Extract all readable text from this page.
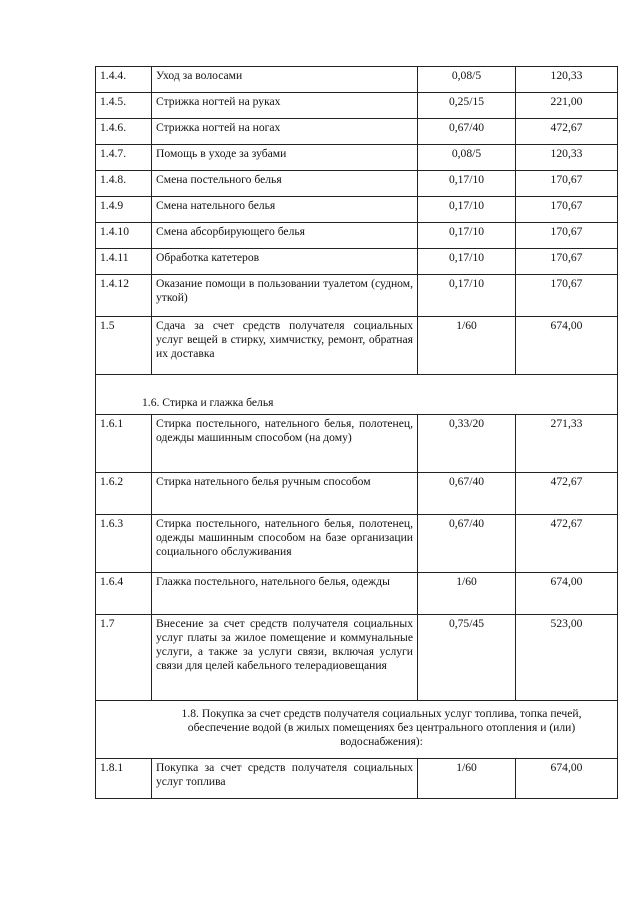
1.4.4.	Уход за волосами	0,08/5	120,33
1.4.5.	Стрижка ногтей на руках	0,25/15	221,00
1.4.6.	Стрижка ногтей на ногах	0,67/40	472,67
1.4.7.	Помощь в уходе за зубами	0,08/5	120,33
1.4.8.	Смена постельного белья	0,17/10	170,67
1.4.9	Смена нательного белья	0,17/10	170,67
1.4.10	Смена абсорбирующего белья	0,17/10	170,67
1.4.11	Обработка катетеров	0,17/10	170,67
1.4.12	Оказание помощи в пользовании туалетом (судном, уткой)	0,17/10	170,67
1.5	Сдача за счет средств получателя социальных услуг вещей в стирку, химчистку, ремонт, обратная их доставка	1/60	674,00
1.6. Стирка и глажка белья			
1.6.1	Стирка постельного, нательного белья, полотенец, одежды машинным способом (на дому)	0,33/20	271,33
1.6.2	Стирка нательного белья ручным способом	0,67/40	472,67
1.6.3	Стирка постельного, нательного белья, полотенец, одежды машинным способом на базе организации социального обслуживания	0,67/40	472,67
1.6.4	Глажка постельного, нательного белья, одежды	1/60	674,00
1.7	Внесение за счет средств получателя социальных услуг платы за жилое помещение и коммунальные услуги, а также за услуги связи, включая услуги связи для целей кабельного телерадиовещания	0,75/45	523,00
1.8. Покупка за счет средств получателя социальных услуг топлива, топка печей, обеспечение водой (в жилых помещениях без центрального отопления и (или) водоснабжения):			
1.8.1	Покупка за счет средств получателя социальных услуг топлива	1/60	674,00
